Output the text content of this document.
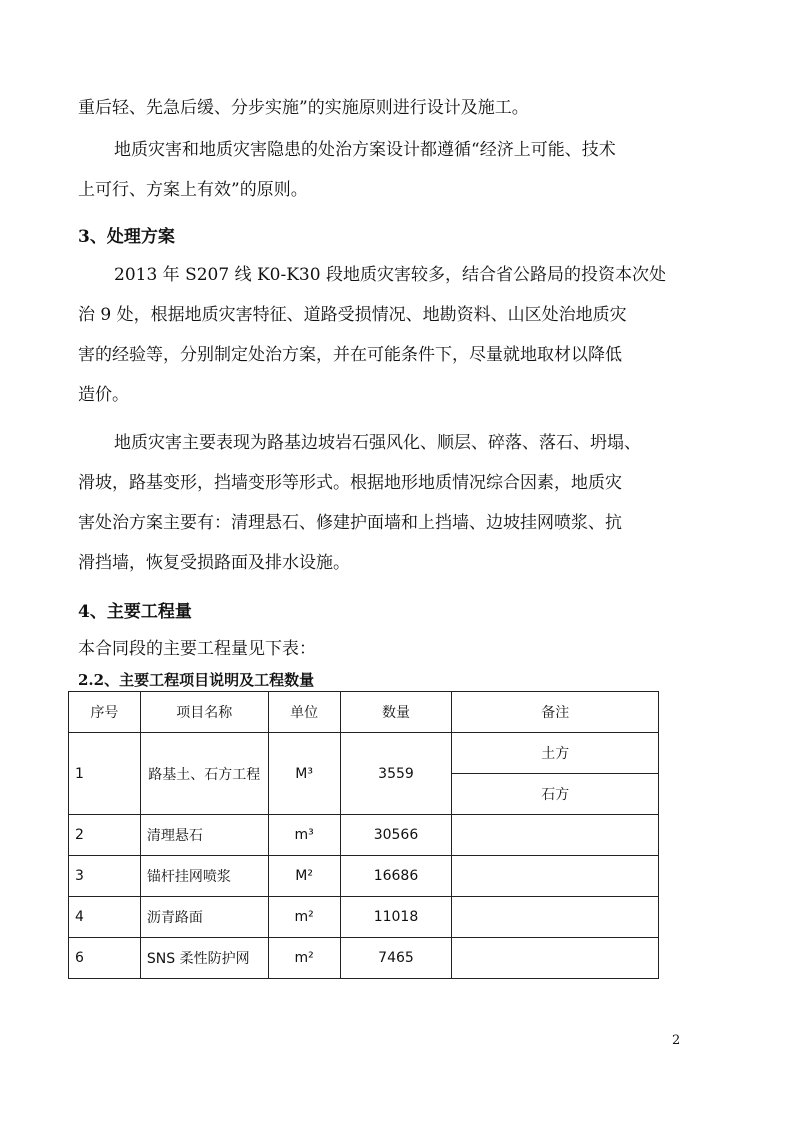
重后轻、先急后缓、分步实施”的实施原则进行设计及施工。
地质灾害和地质灾害隐患的处治方案设计都遵循“经济上可能、技术
上可行、方案上有效”的原则。
3、处理方案
2013 年 S207 线 K0-K30 段地质灾害较多，结合省公路局的投资本次处
治 9 处，根据地质灾害特征、道路受损情况、地勘资料、山区处治地质灾
害的经验等，分别制定处治方案，并在可能条件下，尽量就地取材以降低
造价。
地质灾害主要表现为路基边坡岩石强风化、顺层、碎落、落石、坍塌、
滑坡，路基变形，挡墙变形等形式。根据地形地质情况综合因素，地质灾
害处治方案主要有：清理悬石、修建护面墙和上挡墙、边坡挂网喷浆、抗
滑挡墙，恢复受损路面及排水设施。
4、主要工程量
本合同段的主要工程量见下表：
2.2、主要工程项目说明及工程数量
序号	项目名称	单位	数量	备注
1	路基土、石方工程	M³	3559	土方
				石方
2	清理悬石	m³	30566	
3	锚杆挂网喷浆	M²	16686	
4	沥青路面	m²	11018	
6	SNS 柔性防护网	m²	7465	
2
